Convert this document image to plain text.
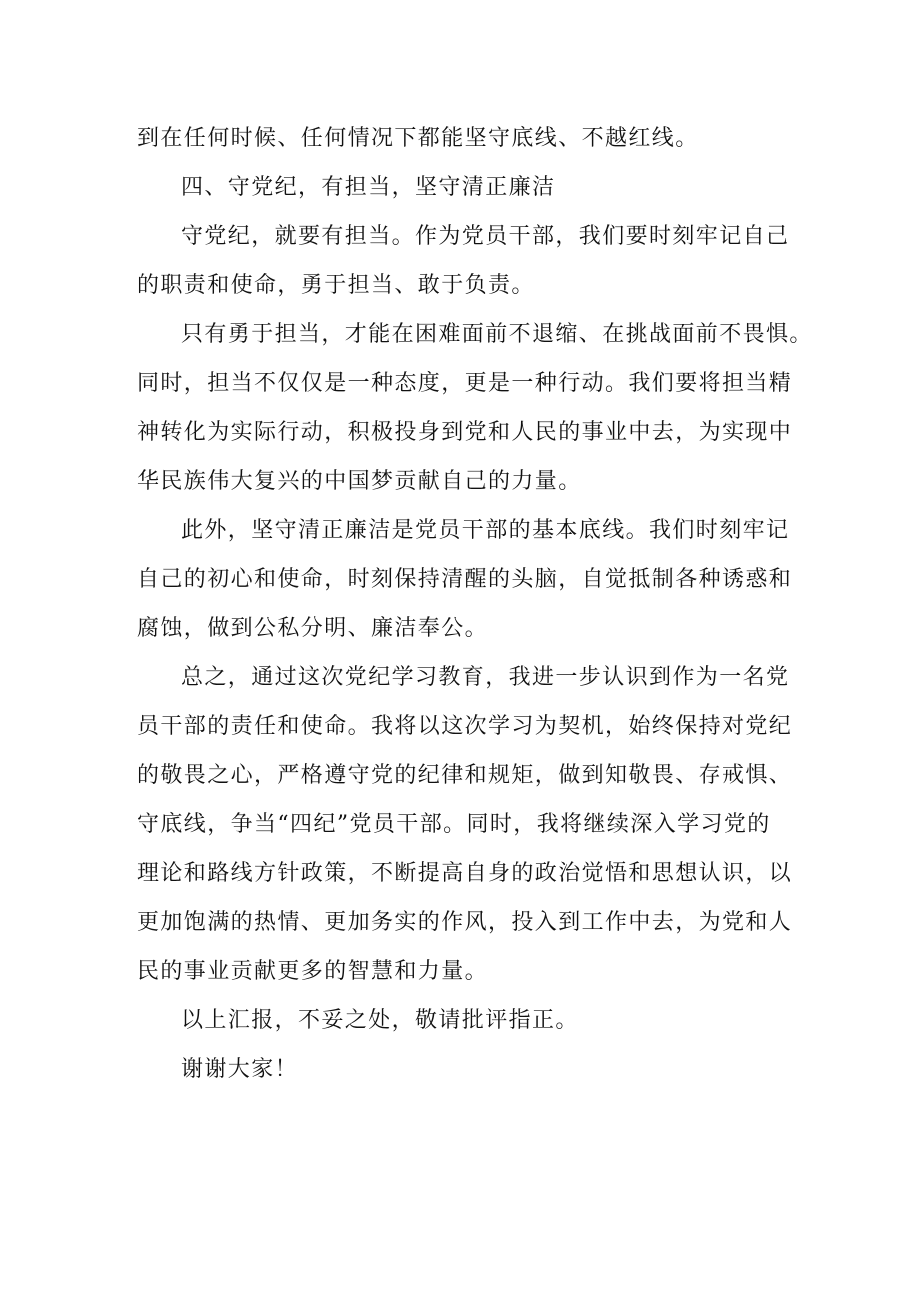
到在任何时候、任何情况下都能坚守底线、不越红线。
四、守党纪，有担当，坚守清正廉洁
守党纪，就要有担当。作为党员干部，我们要时刻牢记自己
的职责和使命，勇于担当、敢于负责。
只有勇于担当，才能在困难面前不退缩、在挑战面前不畏惧。
同时，担当不仅仅是一种态度，更是一种行动。我们要将担当精
神转化为实际行动，积极投身到党和人民的事业中去，为实现中
华民族伟大复兴的中国梦贡献自己的力量。
此外，坚守清正廉洁是党员干部的基本底线。我们时刻牢记
自己的初心和使命，时刻保持清醒的头脑，自觉抵制各种诱惑和
腐蚀，做到公私分明、廉洁奉公。
总之，通过这次党纪学习教育，我进一步认识到作为一名党
员干部的责任和使命。我将以这次学习为契机，始终保持对党纪
的敬畏之心，严格遵守党的纪律和规矩，做到知敬畏、存戒惧、
守底线，争当“四纪”党员干部。同时，我将继续深入学习党的
理论和路线方针政策，不断提高自身的政治觉悟和思想认识，以
更加饱满的热情、更加务实的作风，投入到工作中去，为党和人
民的事业贡献更多的智慧和力量。
以上汇报，不妥之处，敬请批评指正。
谢谢大家！
